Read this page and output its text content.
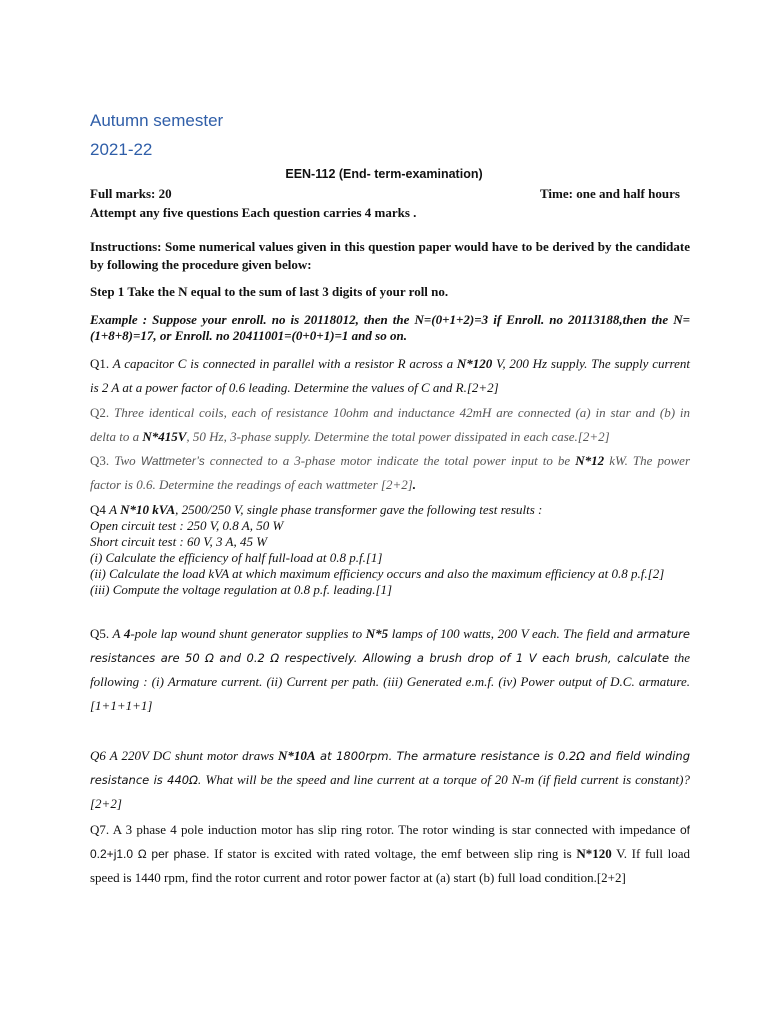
Autumn semester
2021-22
EEN-112 (End- term-examination)
Full marks: 20	Time: one and half hours
Attempt any five questions Each question carries 4 marks .
Instructions: Some numerical values given in this question paper would have to be derived by the candidate by following the procedure given below:
Step 1 Take the N equal to the sum of last 3 digits of your roll no.
Example : Suppose your enroll. no is 20118012, then the N=(0+1+2)=3 if Enroll. no 20113188,then the N=(1+8+8)=17, or Enroll. no 20411001=(0+0+1)=1 and so on.
Q1. A capacitor C is connected in parallel with a resistor R across a N*120 V, 200 Hz supply. The supply current is 2 A at a power factor of 0.6 leading. Determine the values of C and R.[2+2]
Q2. Three identical coils, each of resistance 10ohm and inductance 42mH are connected (a) in star and (b) in delta to a N*415V, 50 Hz, 3-phase supply. Determine the total power dissipated in each case.[2+2]
Q3. Two Wattmeter’s connected to a 3-phase motor indicate the total power input to be N*12 kW. The power factor is 0.6. Determine the readings of each wattmeter [2+2].
Q4 A N*10 kVA, 2500/250 V, single phase transformer gave the following test results :
Open circuit test : 250 V, 0.8 A, 50 W
Short circuit test : 60 V, 3 A, 45 W
(i) Calculate the efficiency of half full-load at 0.8 p.f.[1]
(ii) Calculate the load kVA at which maximum efficiency occurs and also the maximum efficiency at 0.8 p.f.[2]
(iii) Compute the voltage regulation at 0.8 p.f. leading.[1]
Q5. A 4-pole lap wound shunt generator supplies to N*5 lamps of 100 watts, 200 V each. The field and armature resistances are 50 Ω and 0.2 Ω respectively. Allowing a brush drop of 1 V each brush, calculate the following : (i) Armature current. (ii) Current per path. (iii) Generated e.m.f. (iv) Power output of D.C. armature.[1+1+1+1]
Q6 A 220V DC shunt motor draws N*10A at 1800rpm. The armature resistance is 0.2Ω and field winding resistance is 440Ω. What will be the speed and line current at a torque of 20 N-m (if field current is constant)?[2+2]
Q7. A 3 phase 4 pole induction motor has slip ring rotor. The rotor winding is star connected with impedance of 0.2+j1.0 Ω per phase. If stator is excited with rated voltage, the emf between slip ring is N*120 V. If full load speed is 1440 rpm, find the rotor current and rotor power factor at (a) start (b) full load condition.[2+2]
